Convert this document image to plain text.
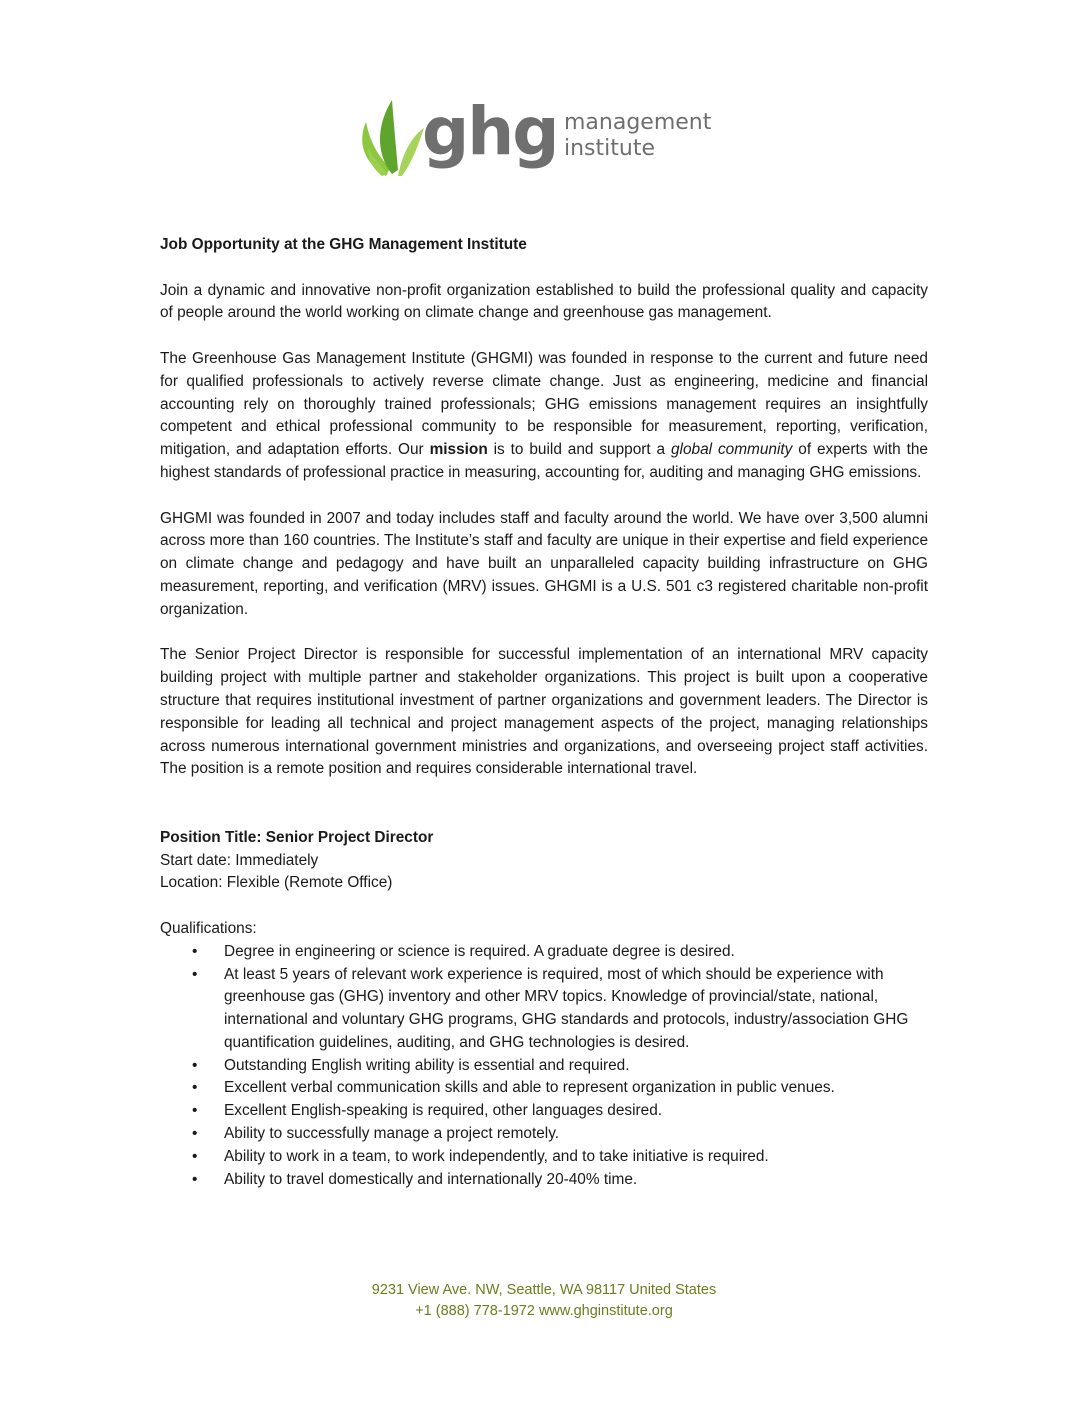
ghg management
institute
Job Opportunity at the GHG Management Institute

Join a dynamic and innovative non-profit organization established to build the professional quality and capacity of people around the world working on climate change and greenhouse gas management.

The Greenhouse Gas Management Institute (GHGMI) was founded in response to the current and future need for qualified professionals to actively reverse climate change. Just as engineering, medicine and financial accounting rely on thoroughly trained professionals; GHG emissions management requires an insightfully competent and ethical professional community to be responsible for measurement, reporting, verification, mitigation, and adaptation efforts. Our mission is to build and support a global community of experts with the highest standards of professional practice in measuring, accounting for, auditing and managing GHG emissions.

GHGMI was founded in 2007 and today includes staff and faculty around the world. We have over 3,500 alumni across more than 160 countries. The Institute’s staff and faculty are unique in their expertise and field experience on climate change and pedagogy and have built an unparalleled capacity building infrastructure on GHG measurement, reporting, and verification (MRV) issues. GHGMI is a U.S. 501 c3 registered charitable non-profit organization.

The Senior Project Director is responsible for successful implementation of an international MRV capacity building project with multiple partner and stakeholder organizations. This project is built upon a cooperative structure that requires institutional investment of partner organizations and government leaders. The Director is responsible for leading all technical and project management aspects of the project, managing relationships across numerous international government ministries and organizations, and overseeing project staff activities. The position is a remote position and requires considerable international travel.

Position Title: Senior Project Director
Start date: Immediately
Location: Flexible (Remote Office)
Qualifications:
• Degree in engineering or science is required. A graduate degree is desired.
• At least 5 years of relevant work experience is required, most of which should be experience with greenhouse gas (GHG) inventory and other MRV topics. Knowledge of provincial/state, national, international and voluntary GHG programs, GHG standards and protocols, industry/association GHG quantification guidelines, auditing, and GHG technologies is desired.
• Outstanding English writing ability is essential and required.
• Excellent verbal communication skills and able to represent organization in public venues.
• Excellent English-speaking is required, other languages desired.
• Ability to successfully manage a project remotely.
• Ability to work in a team, to work independently, and to take initiative is required.
• Ability to travel domestically and internationally 20-40% time.
9231 View Ave. NW, Seattle, WA 98117 United States
+1 (888) 778-1972 www.ghginstitute.org
